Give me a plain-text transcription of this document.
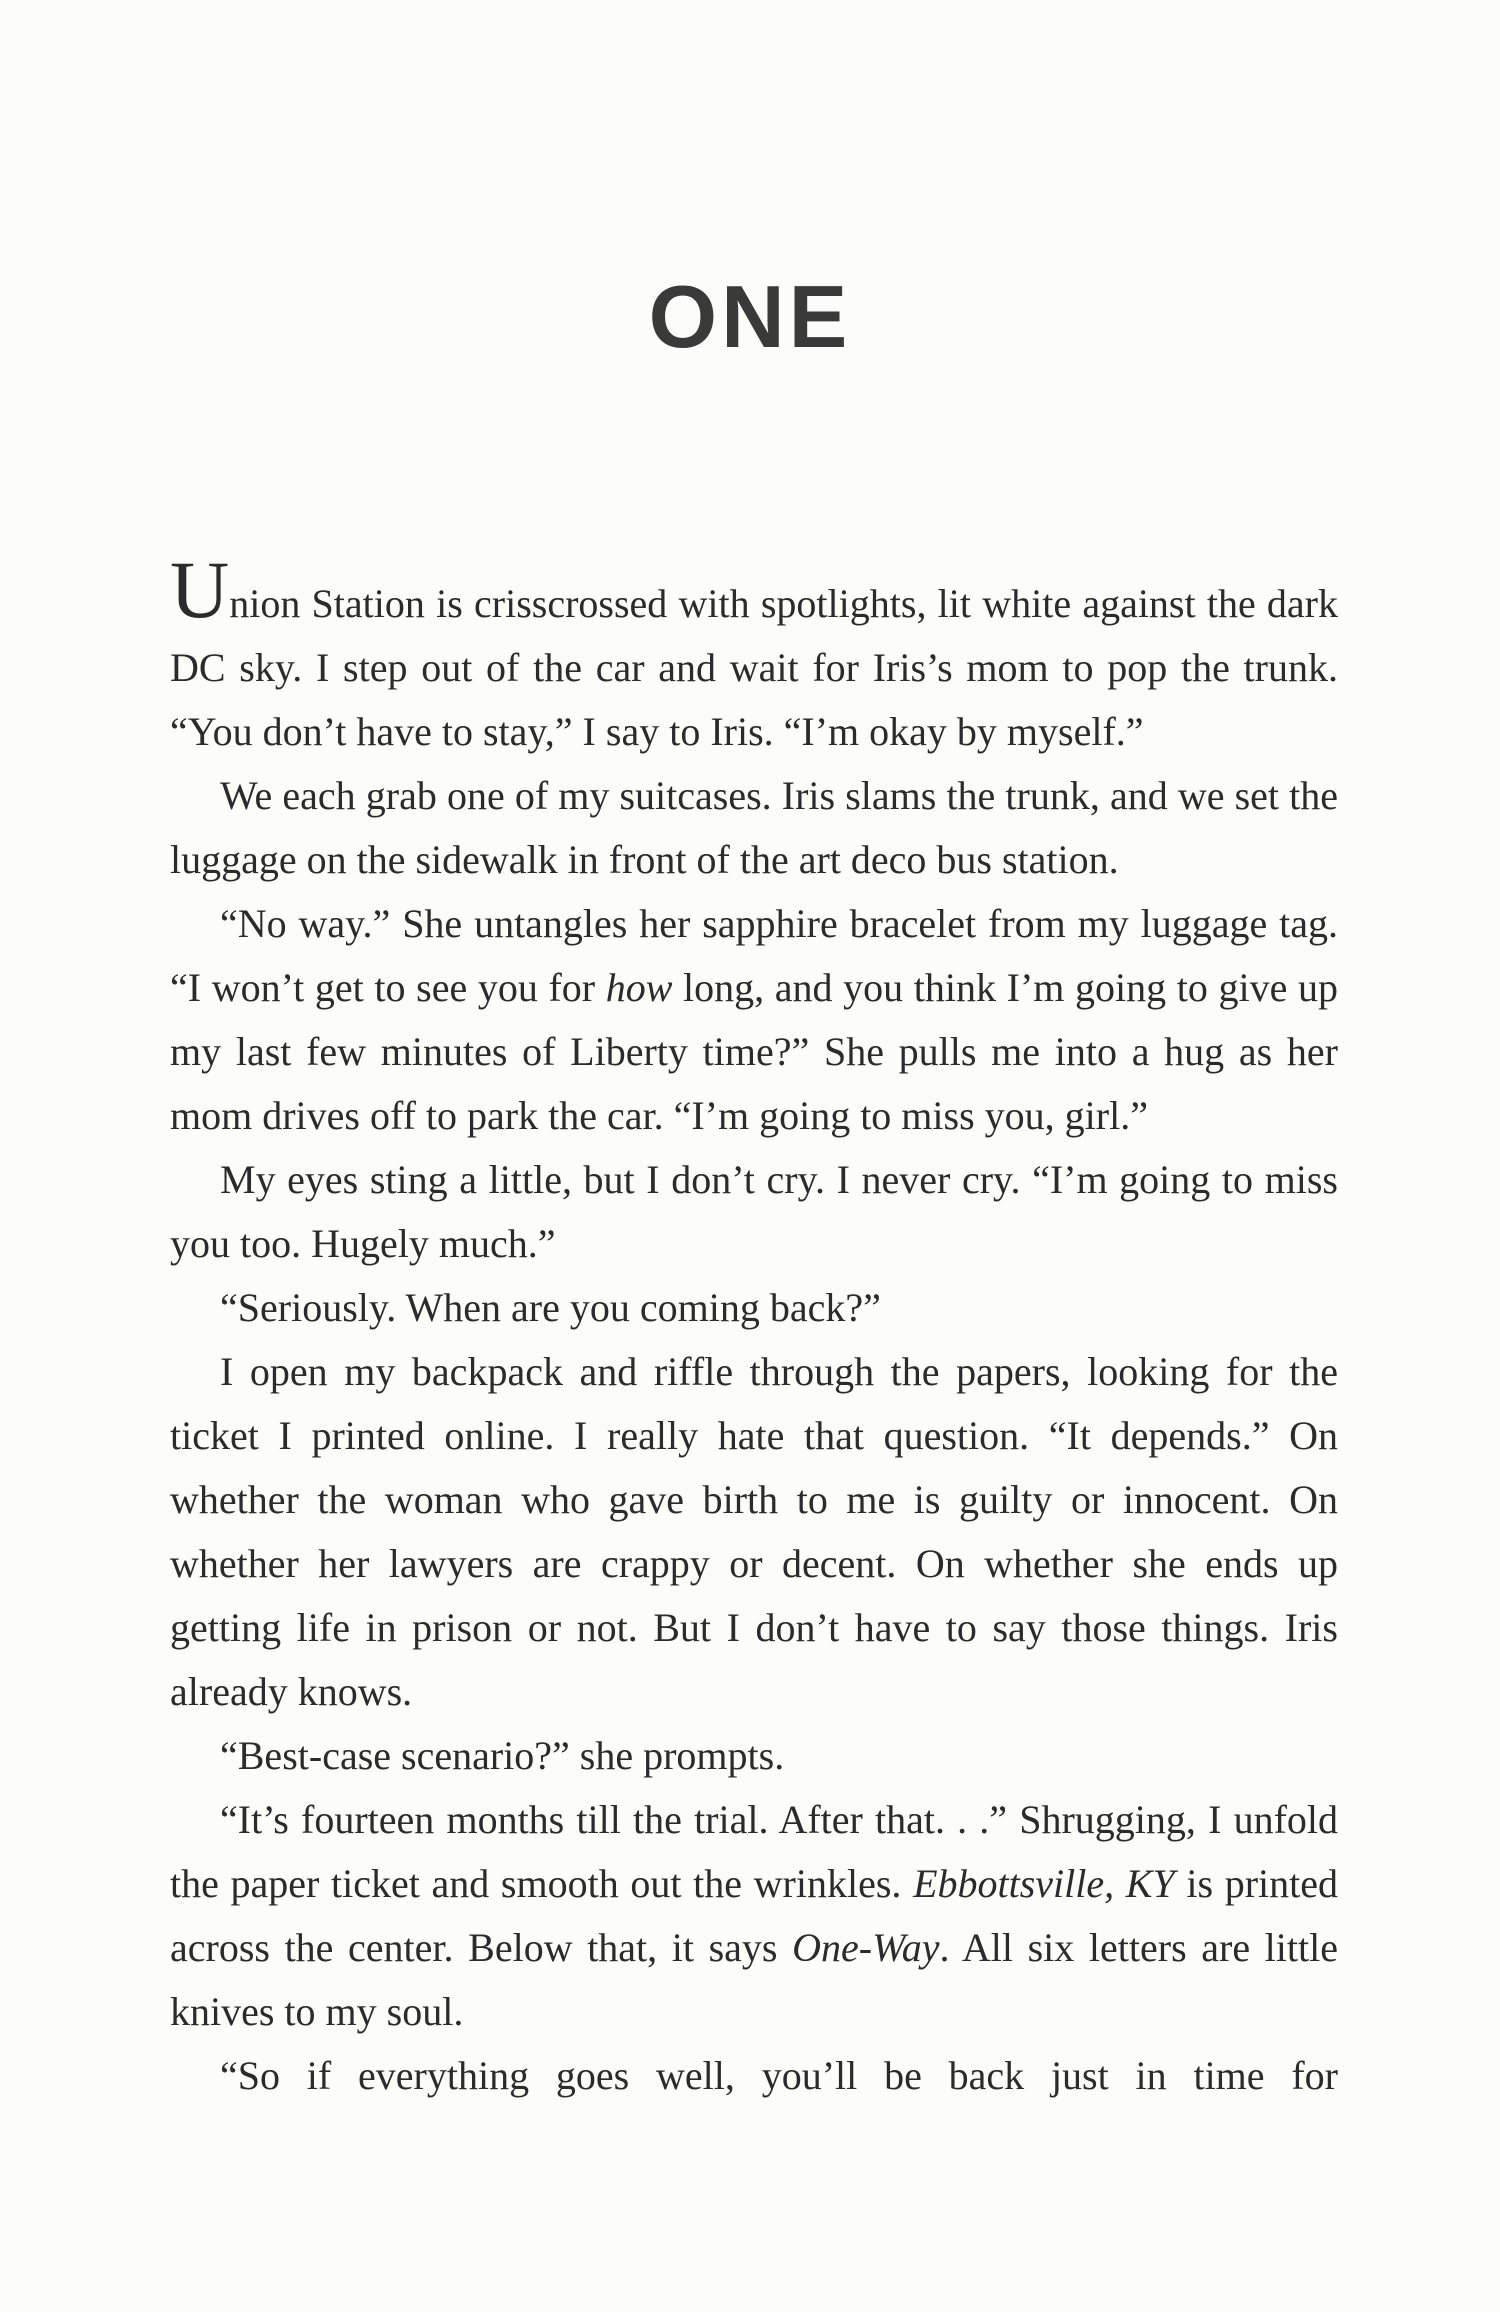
ONE

Union Station is crisscrossed with spotlights, lit white against the dark DC sky. I step out of the car and wait for Iris’s mom to pop the trunk. “You don’t have to stay,” I say to Iris. “I’m okay by myself.”

We each grab one of my suitcases. Iris slams the trunk, and we set the luggage on the sidewalk in front of the art deco bus station.

“No way.” She untangles her sapphire bracelet from my luggage tag. “I won’t get to see you for how long, and you think I’m going to give up my last few minutes of Liberty time?” She pulls me into a hug as her mom drives off to park the car. “I’m going to miss you, girl.”

My eyes sting a little, but I don’t cry. I never cry. “I’m going to miss you too. Hugely much.”

“Seriously. When are you coming back?”

I open my backpack and riffle through the papers, looking for the ticket I printed online. I really hate that question. “It depends.” On whether the woman who gave birth to me is guilty or innocent. On whether her lawyers are crappy or decent. On whether she ends up getting life in prison or not. But I don’t have to say those things. Iris already knows.

“Best-case scenario?” she prompts.

“It’s fourteen months till the trial. After that. . .” Shrugging, I unfold the paper ticket and smooth out the wrinkles. Ebbottsville, KY is printed across the center. Below that, it says One-Way. All six letters are little knives to my soul.

“So if everything goes well, you’ll be back just in time for
